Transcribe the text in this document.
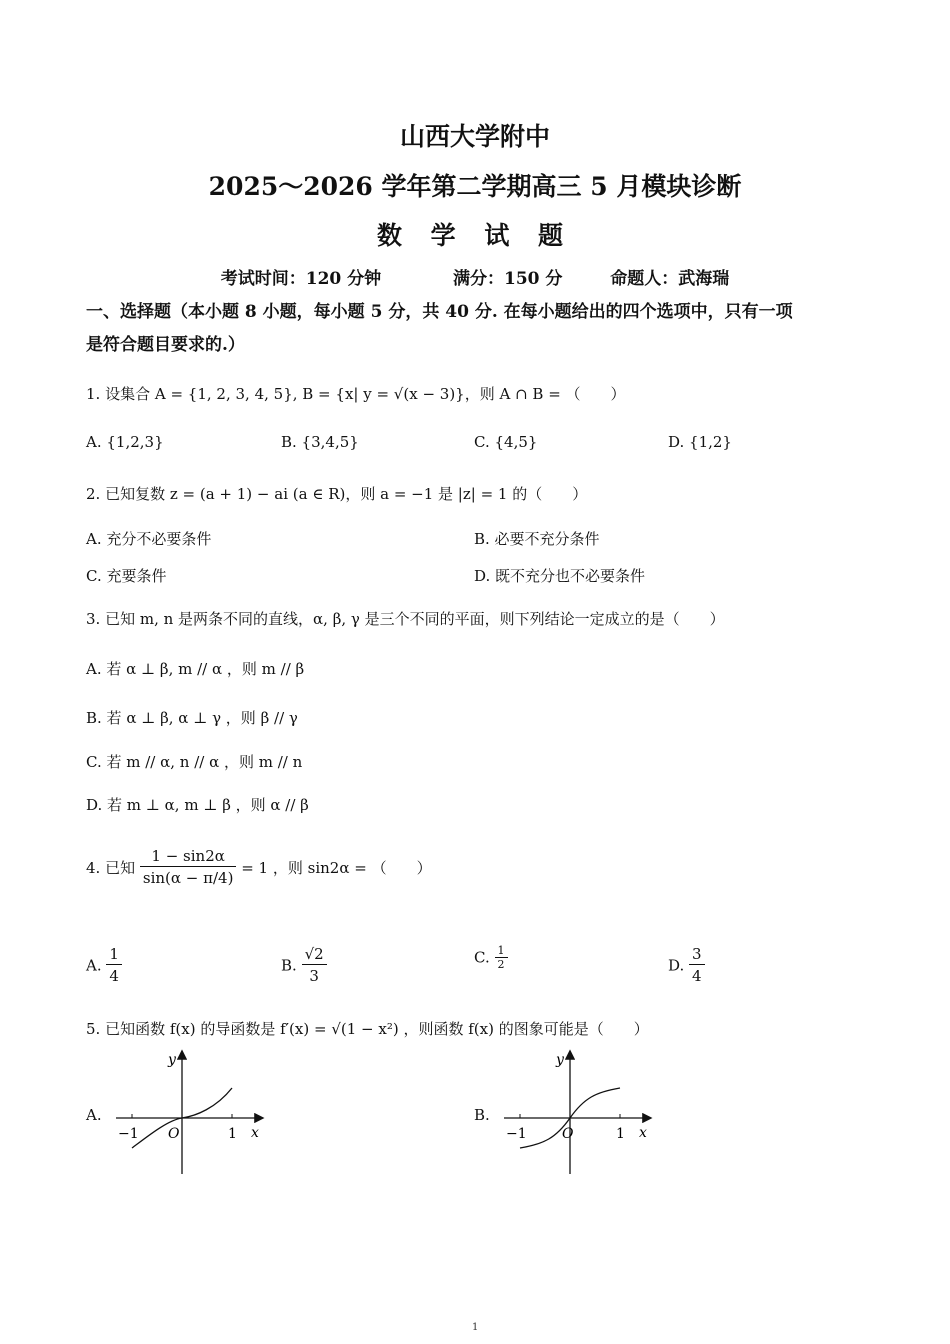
山西大学附中
2025～2026 学年第二学期高三 5 月模块诊断
数 学 试 题
考试时间：120 分钟	满分：150 分	命题人：武海瑞
一、选择题（本小题 8 小题，每小题 5 分，共 40 分. 在每小题给出的四个选项中，只有一项
是符合题目要求的.）
1. 设集合 A = {1, 2, 3, 4, 5}, B = {x| y = √(x − 3)}，则 A ∩ B = （　　）
A. {1,2,3}	B. {3,4,5}	C. {4,5}	D. {1,2}
2. 已知复数 z = (a + 1) − ai (a ∈ R)，则 a = −1 是 |z| = 1 的（　　）
A. 充分不必要条件	B. 必要不充分条件
C. 充要条件	D. 既不充分也不必要条件
3. 已知 m, n 是两条不同的直线，α, β, γ 是三个不同的平面，则下列结论一定成立的是（　　）
A. 若 α ⊥ β, m // α ，则 m // β
B. 若 α ⊥ β, α ⊥ γ ，则 β // γ
C. 若 m // α, n // α ，则 m // n
D. 若 m ⊥ α, m ⊥ β ，则 α // β
4. 已知 $\frac{1 - \sin 2\alpha}{\sin(\alpha - \pi/4)} = 1$ ，则 sin2α = （　　）
A. $\frac{1}{4}$	B. $\frac{√2}{3}$	C. $\frac{1}{2}$	D. $\frac{3}{4}$
5. 已知函数 f(x) 的导函数是 f′(x) = √(1 − x²) ，则函数 f(x) 的图象可能是（　　）
A.
y
x
O
−1	1
B.
y
x
O
−1	1
1
